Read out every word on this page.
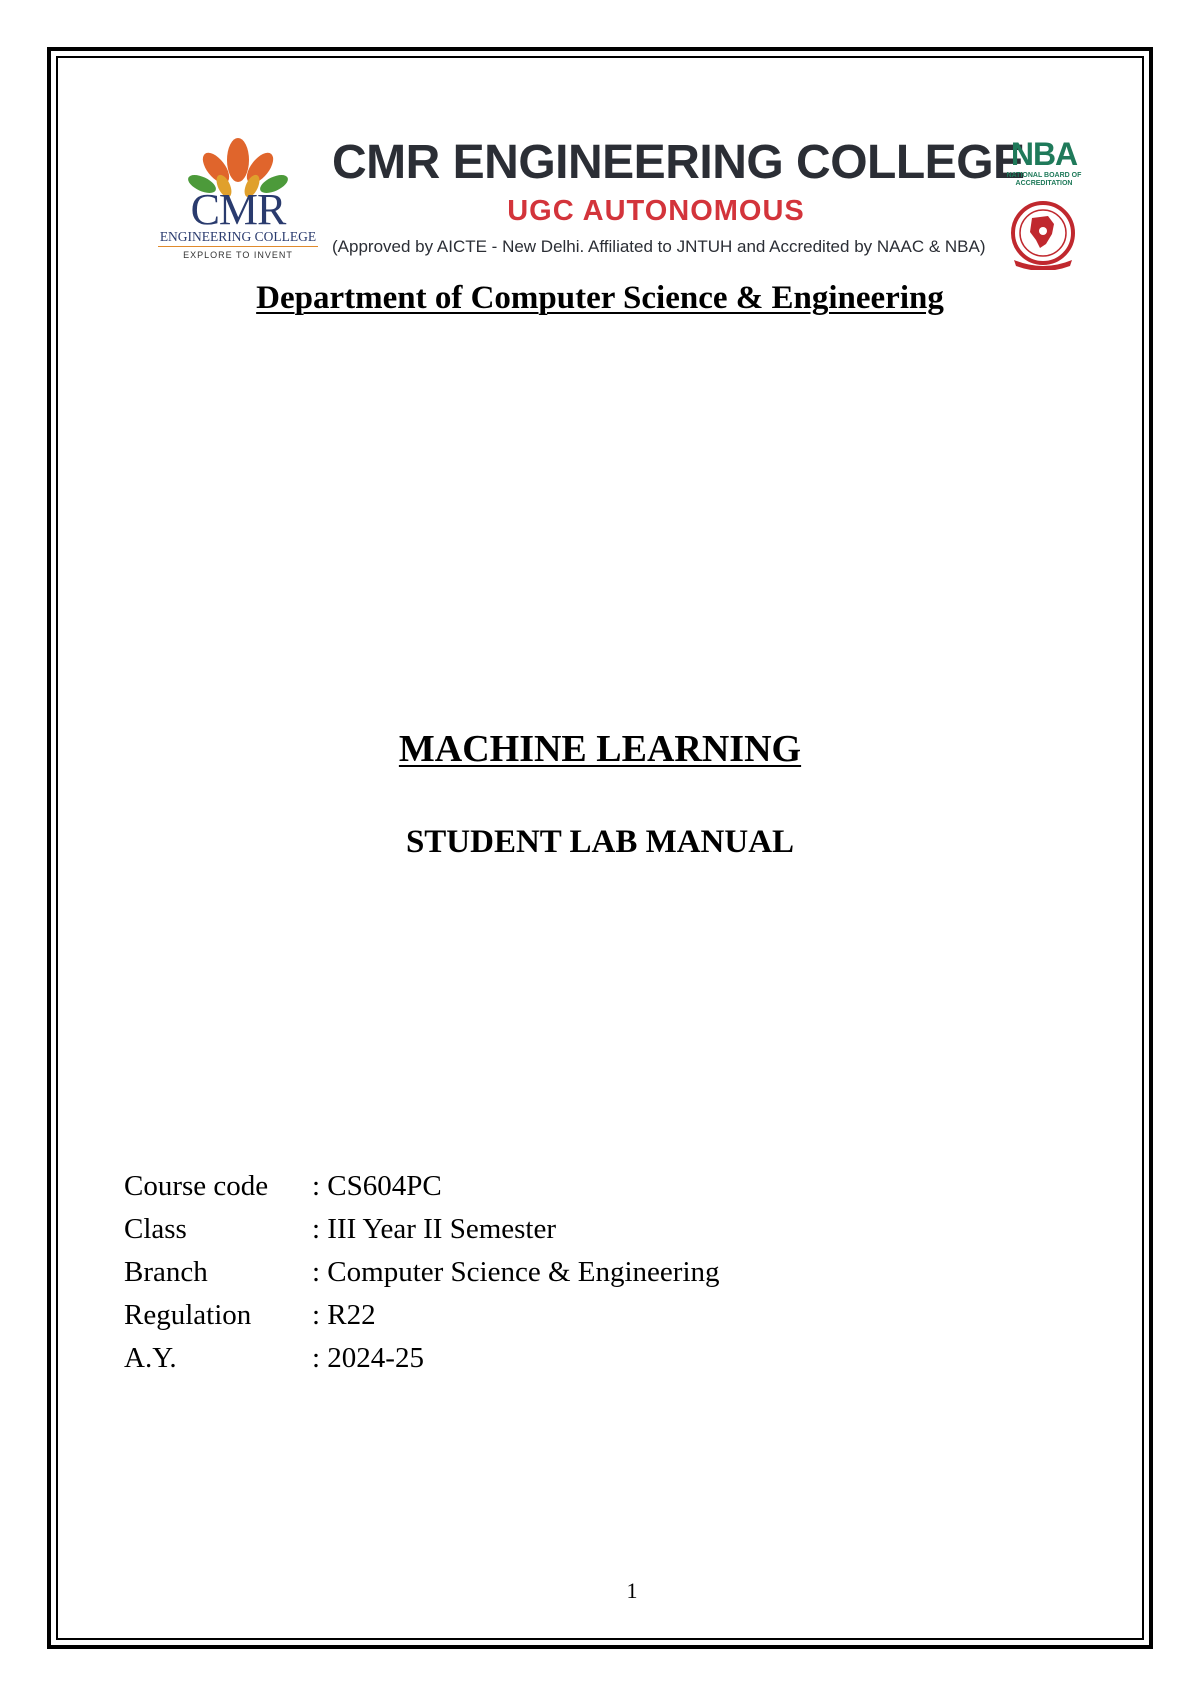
CMR
ENGINEERING COLLEGE
EXPLORE TO INVENT
CMR ENGINEERING COLLEGE
UGC AUTONOMOUS
(Approved by AICTE - New Delhi. Affiliated to JNTUH and Accredited by NAAC & NBA)
NBA
NATIONAL BOARD OF ACCREDITATION
Department of Computer Science & Engineering
MACHINE LEARNING
STUDENT LAB MANUAL
Course code : CS604PC
Class	: III Year II Semester
Branch	: Computer Science & Engineering
Regulation : R22
A.Y.	: 2024-25
1
